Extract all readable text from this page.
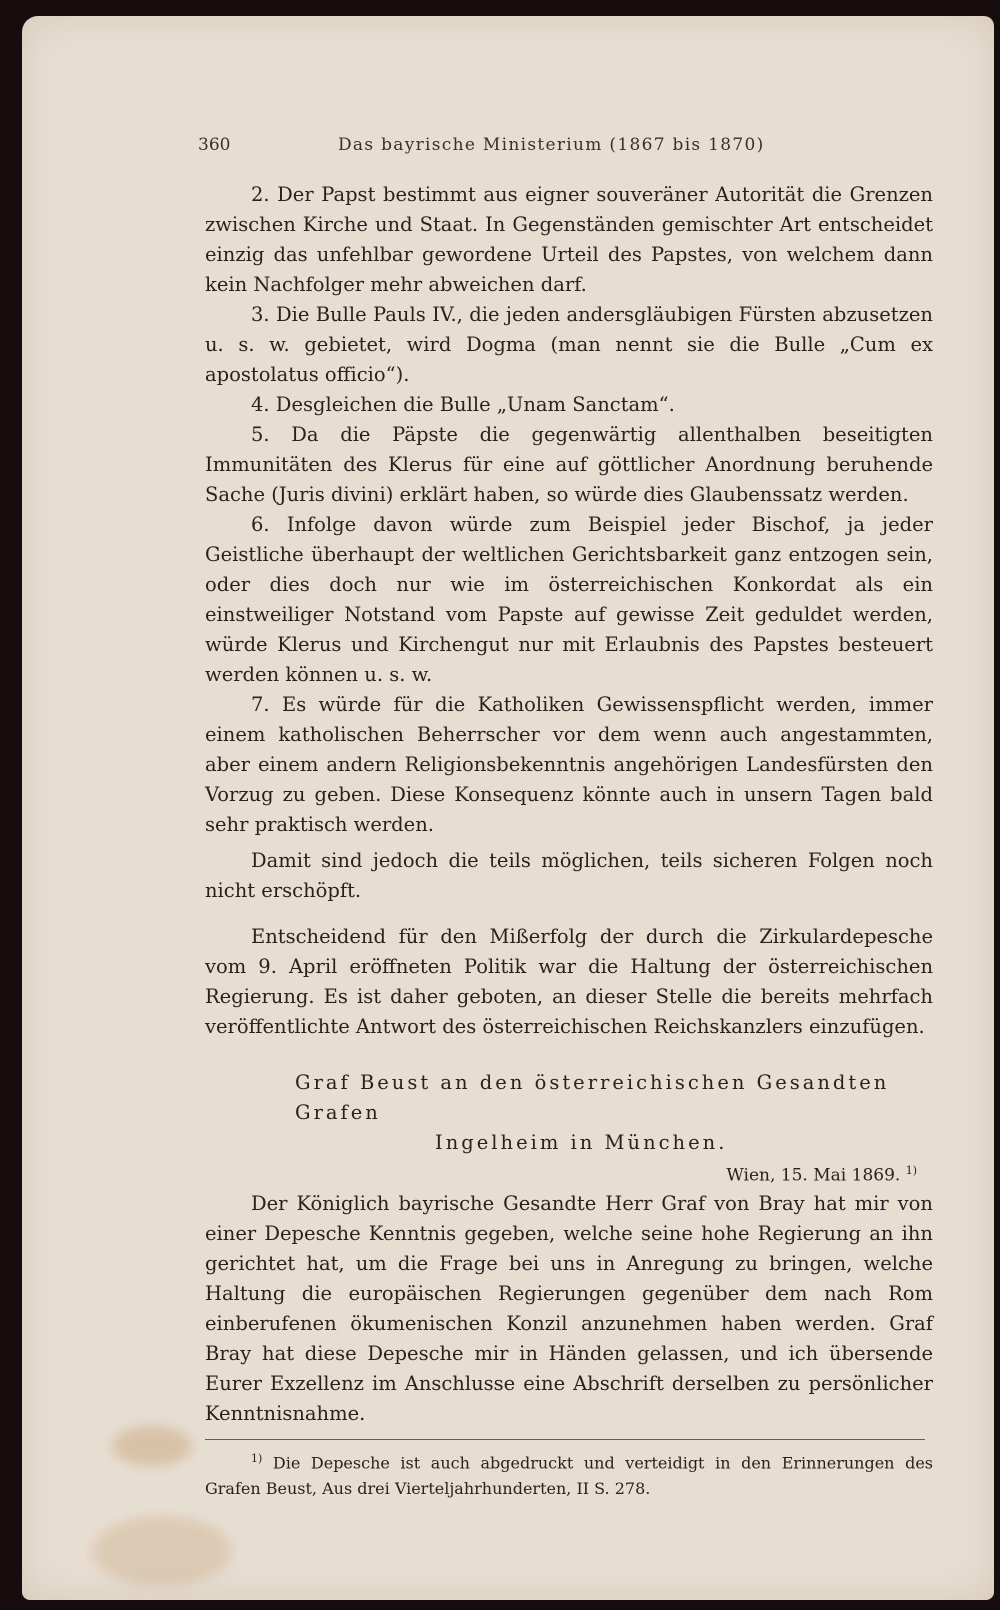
360	Das bayrische Ministerium (1867 bis 1870)

2. Der Papst bestimmt aus eigner souveräner Autorität die Grenzen zwischen Kirche und Staat. In Gegenständen gemischter Art entscheidet einzig das unfehlbar gewordene Urteil des Papstes, von welchem dann kein Nachfolger mehr abweichen darf.

3. Die Bulle Pauls IV., die jeden andersgläubigen Fürsten abzusetzen u. s. w. gebietet, wird Dogma (man nennt sie die Bulle „Cum ex apostolatus officio“).

4. Desgleichen die Bulle „Unam Sanctam“.

5. Da die Päpste die gegenwärtig allenthalben beseitigten Immunitäten des Klerus für eine auf göttlicher Anordnung beruhende Sache (Juris divini) erklärt haben, so würde dies Glaubenssatz werden.

6. Infolge davon würde zum Beispiel jeder Bischof, ja jeder Geistliche überhaupt der weltlichen Gerichtsbarkeit ganz entzogen sein, oder dies doch nur wie im österreichischen Konkordat als ein einstweiliger Notstand vom Papste auf gewisse Zeit geduldet werden, würde Klerus und Kirchengut nur mit Erlaubnis des Papstes besteuert werden können u. s. w.

7. Es würde für die Katholiken Gewissenspflicht werden, immer einem katholischen Beherrscher vor dem wenn auch angestammten, aber einem andern Religionsbekenntnis angehörigen Landesfürsten den Vorzug zu geben. Diese Konsequenz könnte auch in unsern Tagen bald sehr praktisch werden.

Damit sind jedoch die teils möglichen, teils sicheren Folgen noch nicht erschöpft.

Entscheidend für den Mißerfolg der durch die Zirkulardepesche vom 9. April eröffneten Politik war die Haltung der österreichischen Regierung. Es ist daher geboten, an dieser Stelle die bereits mehrfach veröffentlichte Antwort des österreichischen Reichskanzlers einzufügen.

Graf Beust an den österreichischen Gesandten Grafen
Ingelheim in München.
Wien, 15. Mai 1869. $^{1)}$

Der Königlich bayrische Gesandte Herr Graf von Bray hat mir von einer Depesche Kenntnis gegeben, welche seine hohe Regierung an ihn gerichtet hat, um die Frage bei uns in Anregung zu bringen, welche Haltung die europäischen Regierungen gegenüber dem nach Rom einberufenen ökumenischen Konzil anzunehmen haben werden. Graf Bray hat diese Depesche mir in Händen gelassen, und ich übersende Eurer Exzellenz im Anschlusse eine Abschrift derselben zu persönlicher Kenntnisnahme.

$^{1)}$ Die Depesche ist auch abgedruckt und verteidigt in den Erinnerungen des Grafen Beust, Aus drei Vierteljahrhunderten, II S. 278.
